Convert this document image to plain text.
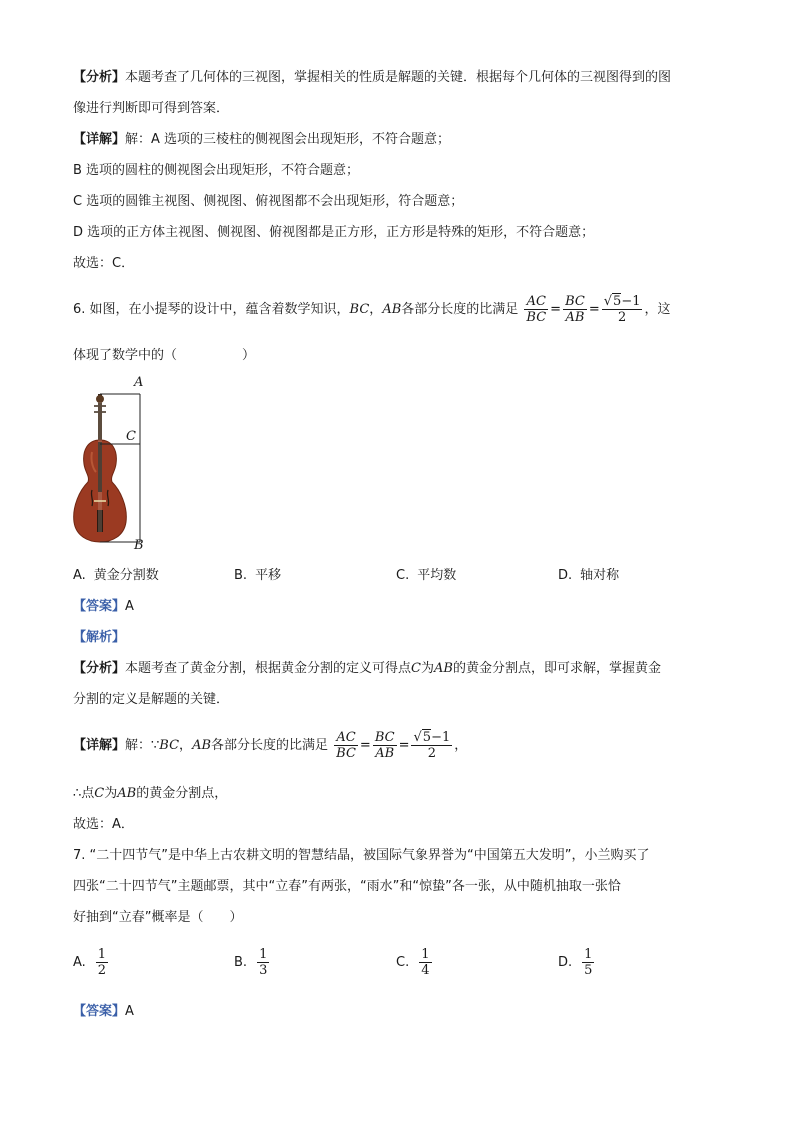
【分析】本题考查了几何体的三视图，掌握相关的性质是解题的关键．根据每个几何体的三视图得到的图
像进行判断即可得到答案．
【详解】解：A 选项的三棱柱的侧视图会出现矩形，不符合题意；
B 选项的圆柱的侧视图会出现矩形，不符合题意；
C 选项的圆锥主视图、侧视图、俯视图都不会出现矩形，符合题意；
D 选项的正方体主视图、侧视图、俯视图都是正方形，正方形是特殊的矩形，不符合题意；
故选：C．
6. 如图，在小提琴的设计中，蕴含着数学知识，BC，AB各部分长度的比满足 $\frac{AC}{BC} = \frac{BC}{AB} = \frac{√5-1}{2}$ ，这
体现了数学中的（　　　　　）
A
C
B
A. 黄金分割数	B. 平移	C. 平均数	D. 轴对称
【答案】A
【解析】
【分析】本题考查了黄金分割，根据黄金分割的定义可得点C为AB的黄金分割点，即可求解，掌握黄金
分割的定义是解题的关键．
【详解】解：∵BC，AB各部分长度的比满足 $\frac{AC}{BC} = \frac{BC}{AB} = \frac{√5-1}{2}$ ，
∴点C为AB的黄金分割点，
故选：A．
7. “二十四节气”是中华上古农耕文明的智慧结晶，被国际气象界誉为“中国第五大发明”，小兰购买了
四张“二十四节气”主题邮票，其中“立春”有两张，“雨水”和“惊蛰”各一张，从中随机抽取一张恰
好抽到“立春”概率是（　　）
A. $\frac{1}{2}$	B. $\frac{1}{3}$	C. $\frac{1}{4}$	D. $\frac{1}{5}$
【答案】A
